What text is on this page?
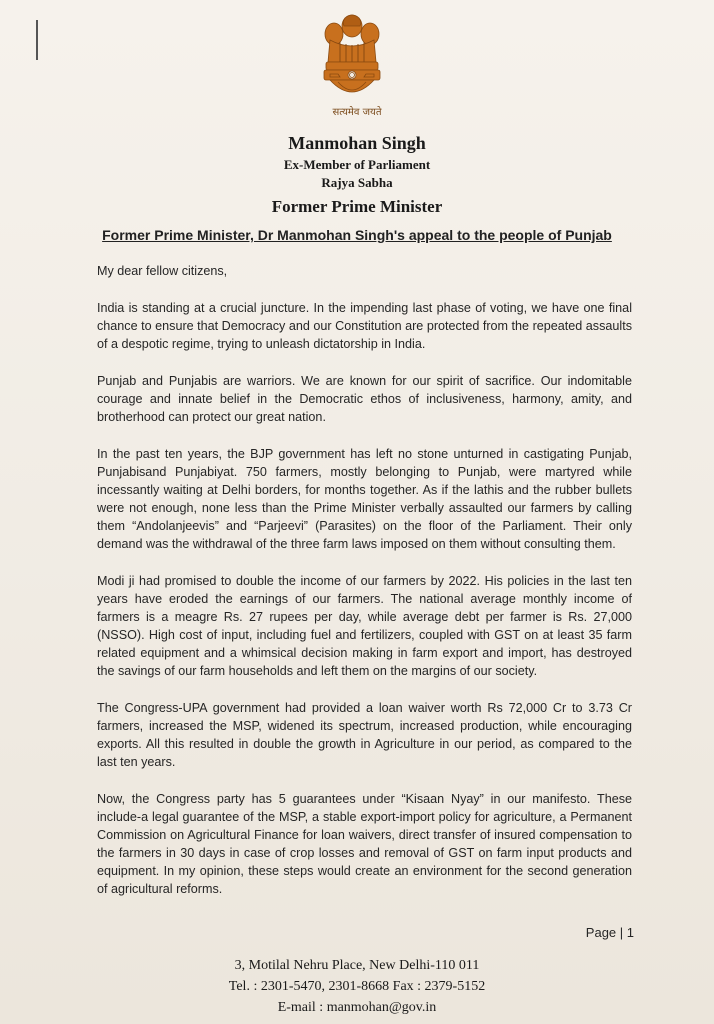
सत्यमेव जयते
Manmohan Singh
Ex-Member of Parliament
Rajya Sabha
Former Prime Minister
Former Prime Minister, Dr Manmohan Singh's appeal to the people of Punjab

My dear fellow citizens,

India is standing at a crucial juncture. In the impending last phase of voting, we have one final chance to ensure that Democracy and our Constitution are protected from the repeated assaults of a despotic regime, trying to unleash dictatorship in India.

Punjab and Punjabis are warriors. We are known for our spirit of sacrifice. Our indomitable courage and innate belief in the Democratic ethos of inclusiveness, harmony, amity, and brotherhood can protect our great nation.

In the past ten years, the BJP government has left no stone unturned in castigating Punjab, Punjabisand Punjabiyat. 750 farmers, mostly belonging to Punjab, were martyred while incessantly waiting at Delhi borders, for months together. As if the lathis and the rubber bullets were not enough, none less than the Prime Minister verbally assaulted our farmers by calling them “Andolanjeevis” and “Parjeevi” (Parasites) on the floor of the Parliament. Their only demand was the withdrawal of the three farm laws imposed on them without consulting them.

Modi ji had promised to double the income of our farmers by 2022. His policies in the last ten years have eroded the earnings of our farmers. The national average monthly income of farmers is a meagre Rs. 27 rupees per day, while average debt per farmer is Rs. 27,000 (NSSO). High cost of input, including fuel and fertilizers, coupled with GST on at least 35 farm related equipment and a whimsical decision making in farm export and import, has destroyed the savings of our farm households and left them on the margins of our society.

The Congress-UPA government had provided a loan waiver worth Rs 72,000 Cr to 3.73 Cr farmers, increased the MSP, widened its spectrum, increased production, while encouraging exports. All this resulted in double the growth in Agriculture in our period, as compared to the last ten years.

Now, the Congress party has 5 guarantees under “Kisaan Nyay” in our manifesto. These include-a legal guarantee of the MSP, a stable export-import policy for agriculture, a Permanent Commission on Agricultural Finance for loan waivers, direct transfer of insured compensation to the farmers in 30 days in case of crop losses and removal of GST on farm input products and equipment. In my opinion, these steps would create an environment for the second generation of agricultural reforms.

Page | 1
3, Motilal Nehru Place, New Delhi-110 011
Tel. : 2301-5470, 2301-8668 Fax : 2379-5152
E-mail : manmohan@gov.in
